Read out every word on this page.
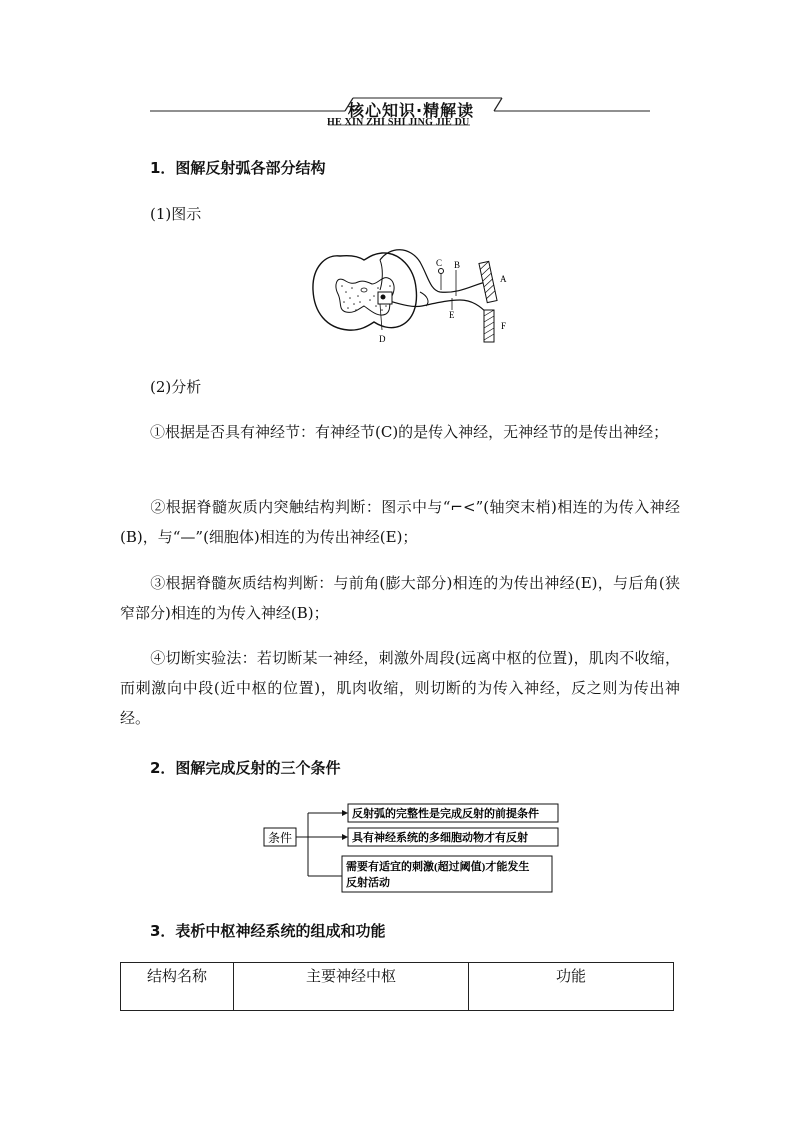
核心知识·精解读
HE XIN ZHI SHI JING JIE DU
1．图解反射弧各部分结构
(1)图示
C B
A
E
F
D
(2)分析
①根据是否具有神经节：有神经节(C)的是传入神经，无神经节的是传出神经；
②根据脊髓灰质内突触结构判断：图示中与“⌐<”(轴突末梢)相连的为传入神经(B)，与“—”(细胞体)相连的为传出神经(E)；
③根据脊髓灰质结构判断：与前角(膨大部分)相连的为传出神经(E)，与后角(狭窄部分)相连的为传入神经(B)；
④切断实验法：若切断某一神经，刺激外周段(远离中枢的位置)，肌肉不收缩，而刺激向中段(近中枢的位置)，肌肉收缩，则切断的为传入神经，反之则为传出神经。
2．图解完成反射的三个条件
条件
反射弧的完整性是完成反射的前提条件
具有神经系统的多细胞动物才有反射
需要有适宜的刺激(超过阈值)才能发生
反射活动
3．表析中枢神经系统的组成和功能
结构名称	主要神经中枢	功能
